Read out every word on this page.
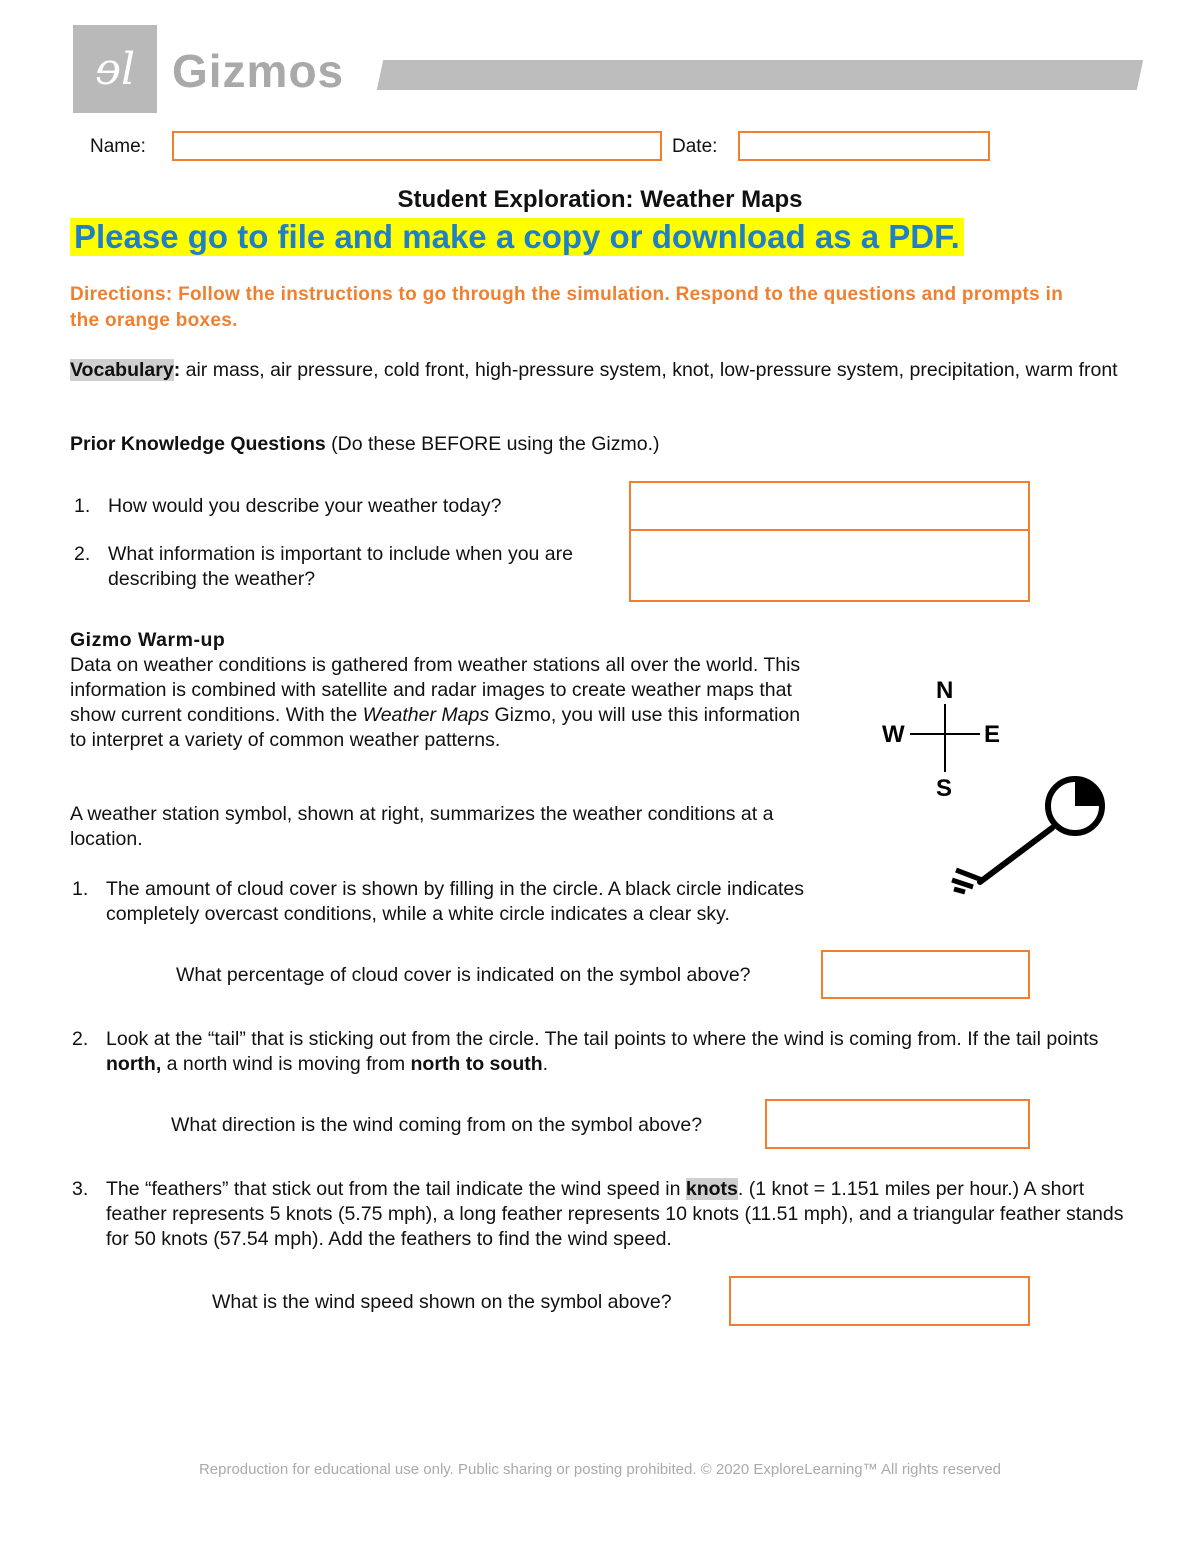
ɘl Gizmos
Name:	Date:
Student Exploration: Weather Maps
Please go to file and make a copy or download as a PDF.
Directions: Follow the instructions to go through the simulation. Respond to the questions and prompts in the orange boxes.
Vocabulary: air mass, air pressure, cold front, high-pressure system, knot, low-pressure system, precipitation, warm front
Prior Knowledge Questions (Do these BEFORE using the Gizmo.)
1. How would you describe your weather today?
2. What information is important to include when you are describing the weather?
Gizmo Warm-up
Data on weather conditions is gathered from weather stations all over the world. This information is combined with satellite and radar images to create weather maps that show current conditions. With the Weather Maps Gizmo, you will use this information to interpret a variety of common weather patterns.
A weather station symbol, shown at right, summarizes the weather conditions at a location.
N
W	E
S
1. The amount of cloud cover is shown by filling in the circle. A black circle indicates completely overcast conditions, while a white circle indicates a clear sky.
What percentage of cloud cover is indicated on the symbol above?
2. Look at the “tail” that is sticking out from the circle. The tail points to where the wind is coming from. If the tail points north, a north wind is moving from north to south.
What direction is the wind coming from on the symbol above?
3. The “feathers” that stick out from the tail indicate the wind speed in knots. (1 knot = 1.151 miles per hour.) A short feather represents 5 knots (5.75 mph), a long feather represents 10 knots (11.51 mph), and a triangular feather stands for 50 knots (57.54 mph). Add the feathers to find the wind speed.
What is the wind speed shown on the symbol above?
Reproduction for educational use only. Public sharing or posting prohibited. © 2020 ExploreLearning™ All rights reserved
